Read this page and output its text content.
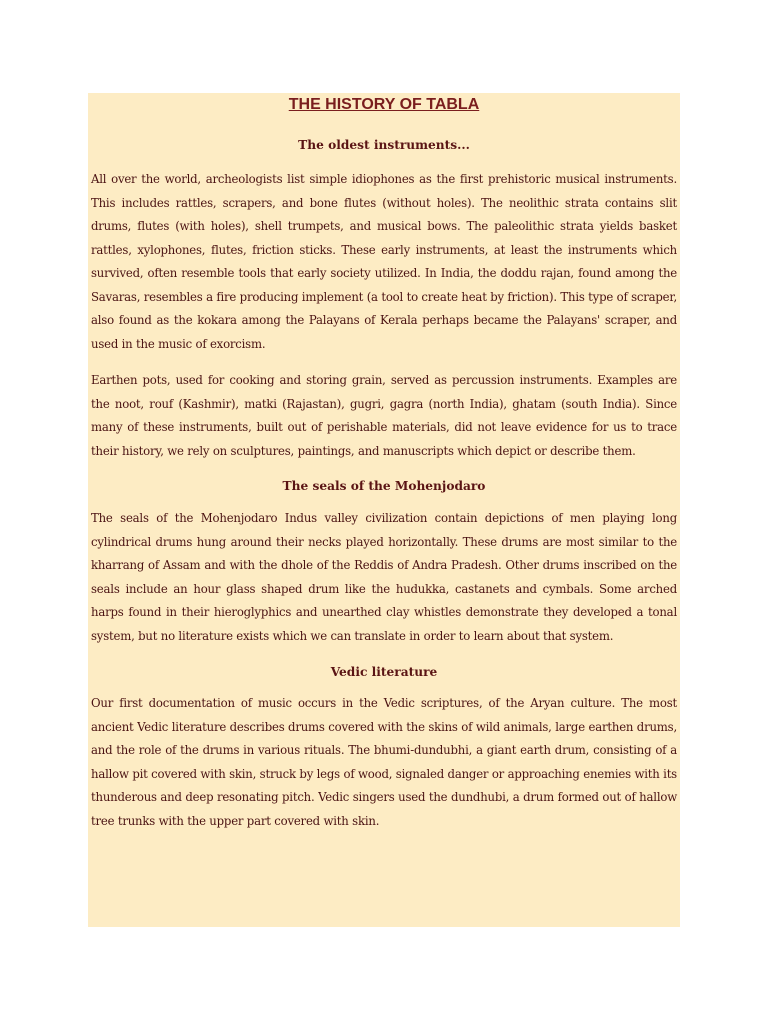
THE HISTORY OF TABLA
The oldest instruments...

All over the world, archeologists list simple idiophones as the first prehistoric musical instruments. This includes rattles, scrapers, and bone flutes (without holes). The neolithic strata contains slit drums, flutes (with holes), shell trumpets, and musical bows. The paleolithic strata yields basket rattles, xylophones, flutes, friction sticks. These early instruments, at least the instruments which survived, often resemble tools that early society utilized. In India, the doddu rajan, found among the Savaras, resembles a fire producing implement (a tool to create heat by friction). This type of scraper, also found as the kokara among the Palayans of Kerala perhaps became the Palayans' scraper, and used in the music of exorcism.

Earthen pots, used for cooking and storing grain, served as percussion instruments. Examples are the noot, rouf (Kashmir), matki (Rajastan), gugri, gagra (north India), ghatam (south India). Since many of these instruments, built out of perishable materials, did not leave evidence for us to trace their history, we rely on sculptures, paintings, and manuscripts which depict or describe them.

The seals of the Mohenjodaro

The seals of the Mohenjodaro Indus valley civilization contain depictions of men playing long cylindrical drums hung around their necks played horizontally. These drums are most similar to the kharrang of Assam and with the dhole of the Reddis of Andra Pradesh. Other drums inscribed on the seals include an hour glass shaped drum like the hudukka, castanets and cymbals. Some arched harps found in their hieroglyphics and unearthed clay whistles demonstrate they developed a tonal system, but no literature exists which we can translate in order to learn about that system.

Vedic literature

Our first documentation of music occurs in the Vedic scriptures, of the Aryan culture. The most ancient Vedic literature describes drums covered with the skins of wild animals, large earthen drums, and the role of the drums in various rituals. The bhumi-dundubhi, a giant earth drum, consisting of a hallow pit covered with skin, struck by legs of wood, signaled danger or approaching enemies with its thunderous and deep resonating pitch. Vedic singers used the dundhubi, a drum formed out of hallow tree trunks with the upper part covered with skin.
